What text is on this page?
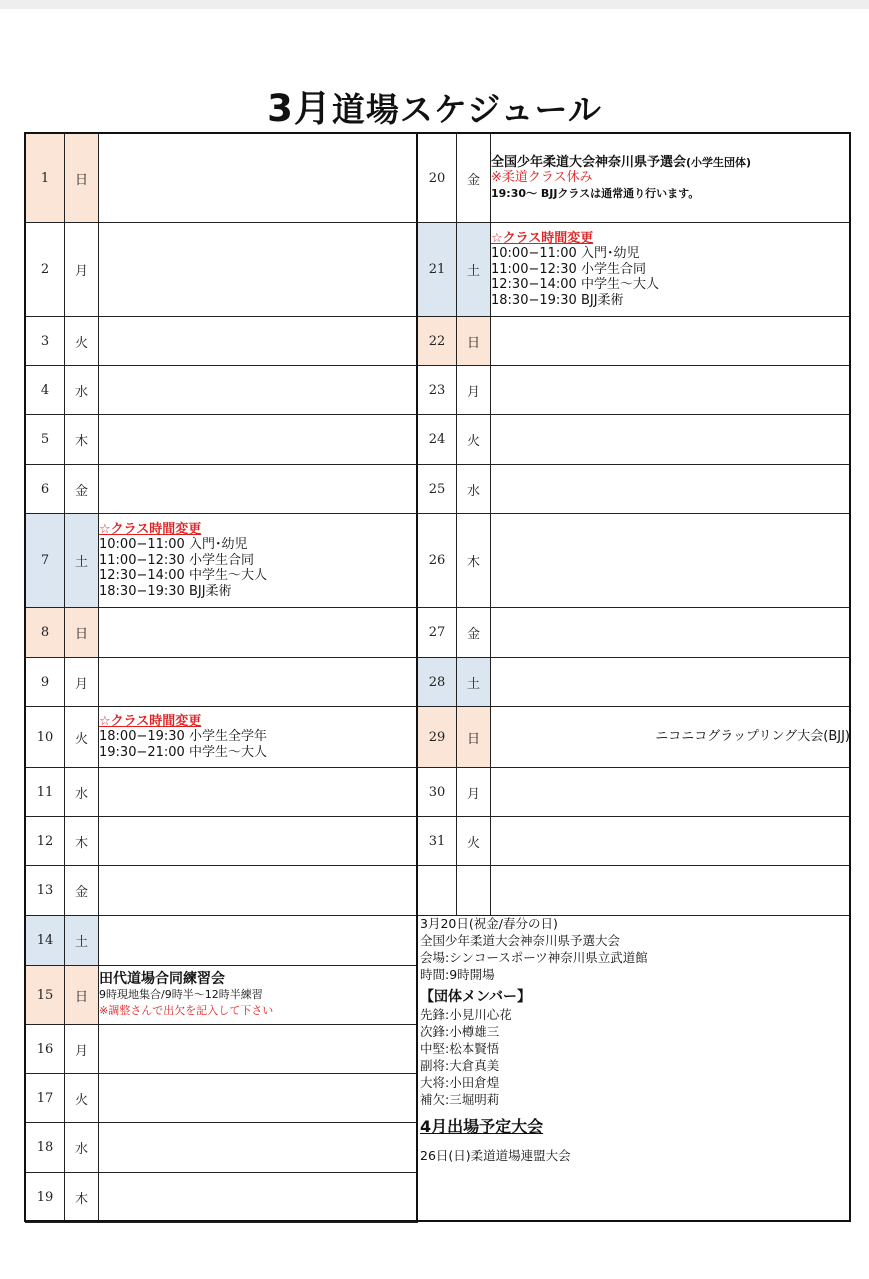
3月道場スケジュール
1	日	
2	月	
3	火	
4	水	
5	木	
6	金	
7	土	☆クラス時間変更
10:00−11:00 入門･幼児
11:00−12:30 小学生合同
12:30−14:00 中学生〜大人
18:30−19:30 BJJ柔術

8	日	
9	月	
10	火	☆クラス時間変更
18:00−19:30 小学生全学年
19:30−21:00 中学生〜大人

11	水	
12	木	
13	金	
14	土	
15	日	田代道場合同練習会
9時現地集合/9時半〜12時半練習
※調整さんで出欠を記入して下さい

16	月	
17	火	
18	水	
19	木	
20	金	全国少年柔道大会神奈川県予選会(小学生団体)
※柔道クラス休み
19:30〜 BJJクラスは通常通り行います。

21	土	☆クラス時間変更
10:00−11:00 入門･幼児
11:00−12:30 小学生合同
12:30−14:00 中学生〜大人
18:30−19:30 BJJ柔術

22	日	
23	月	
24	火	
25	水	
26	木	
27	金	
28	土	
29	日	ニコニコグラップリング大会(BJJ)
30	月	
31	火	

3月20日(祝金/春分の日)
全国少年柔道大会神奈川県予選大会
会場:シンコースポーツ神奈川県立武道館
時間:9時開場
【団体メンバー】
先鋒:小見川心花
次鋒:小樽雄三
中堅:松本賢悟
副将:大倉真美
大将:小田倉煌
補欠:三堀明莉
4月出場予定大会
26日(日)柔道道場連盟大会
